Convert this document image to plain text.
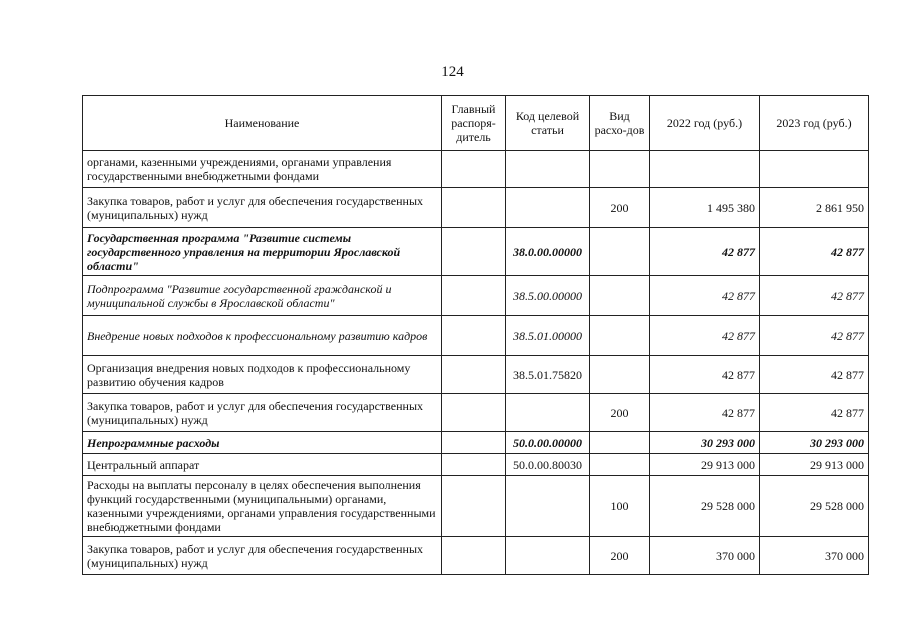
124
Наименование	Главный распоря-дитель	Код целевой статьи	Вид расхо-дов	2022 год (руб.)	2023 год (руб.)
органами, казенными учреждениями, органами управления государственными внебюджетными фондами					
Закупка товаров, работ и услуг для обеспечения государственных (муниципальных) нужд			200	1 495 380	2 861 950
Государственная программа "Развитие системы государственного управления на территории Ярославской области"		38.0.00.00000		42 877	42 877
Подпрограмма "Развитие государственной гражданской и муниципальной службы в Ярославской области"		38.5.00.00000		42 877	42 877
Внедрение новых подходов к профессиональному развитию кадров		38.5.01.00000		42 877	42 877
Организация внедрения новых подходов к профессиональному развитию обучения кадров		38.5.01.75820		42 877	42 877
Закупка товаров, работ и услуг для обеспечения государственных (муниципальных) нужд			200	42 877	42 877
Непрограммные расходы		50.0.00.00000		30 293 000	30 293 000
Центральный аппарат		50.0.00.80030		29 913 000	29 913 000
Расходы на выплаты персоналу в целях обеспечения выполнения функций государственными (муниципальными) органами, казенными учреждениями, органами управления государственными внебюджетными фондами			100	29 528 000	29 528 000
Закупка товаров, работ и услуг для обеспечения государственных (муниципальных) нужд			200	370 000	370 000
